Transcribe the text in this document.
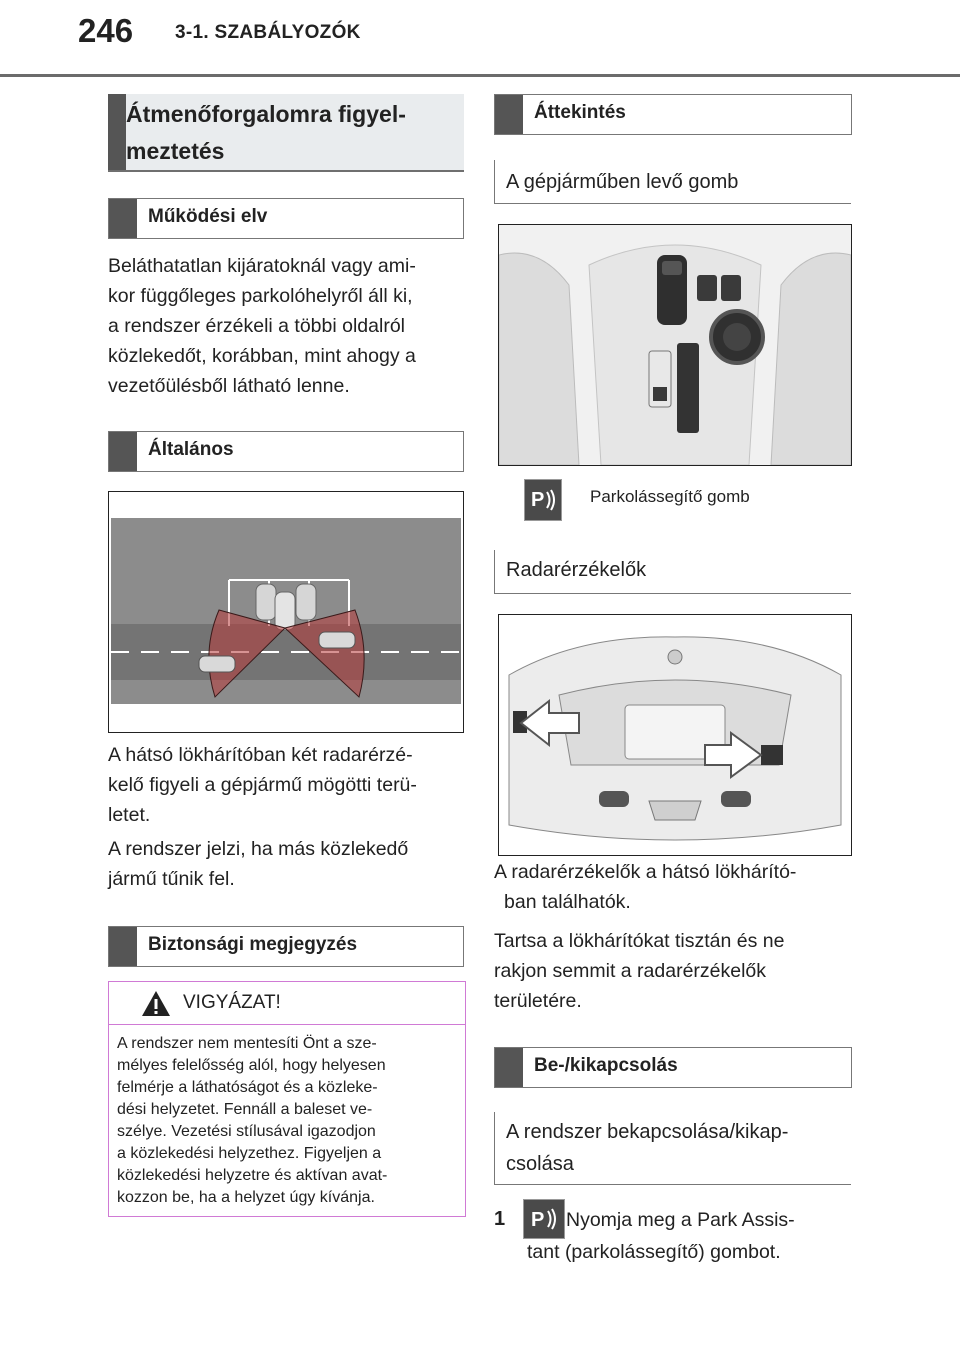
246 3-1. SZABÁLYOZÓK
Átmenőforgalomra figyel-
meztetés
Működési elv
Beláthatatlan kijáratoknál vagy ami-
kor függőleges parkolóhelyről áll ki,
a rendszer érzékeli a többi oldalról
közlekedőt, korábban, mint ahogy a
vezetőülésből látható lenne.
Általános
A hátsó lökhárítóban két radarérzé-
kelő figyeli a gépjármű mögötti terü-
letet.
A rendszer jelzi, ha más közlekedő
jármű tűnik fel.
Biztonsági megjegyzés
VIGYÁZAT!
A rendszer nem mentesíti Önt a sze-
mélyes felelősség alól, hogy helyesen
felmérje a láthatóságot és a közleke-
dési helyzetet. Fennáll a baleset ve-
szélye. Vezetési stílusával igazodjon
a közlekedési helyzethez. Figyeljen a
közlekedési helyzetre és aktívan avat-
kozzon be, ha a helyzet úgy kívánja.
Áttekintés
A gépjárműben levő gomb
P	Parkolássegítő gomb
Radarérzékelők
A radarérzékelők a hátsó lökhárító-
ban találhatók.
Tartsa a lökhárítókat tisztán és ne
rakjon semmit a radarérzékelők
területére.
Be-/kikapcsolás
A rendszer bekapcsolása/kikap-
csolása
1 P Nyomja meg a Park Assis-
tant (parkolássegítő) gombot.
